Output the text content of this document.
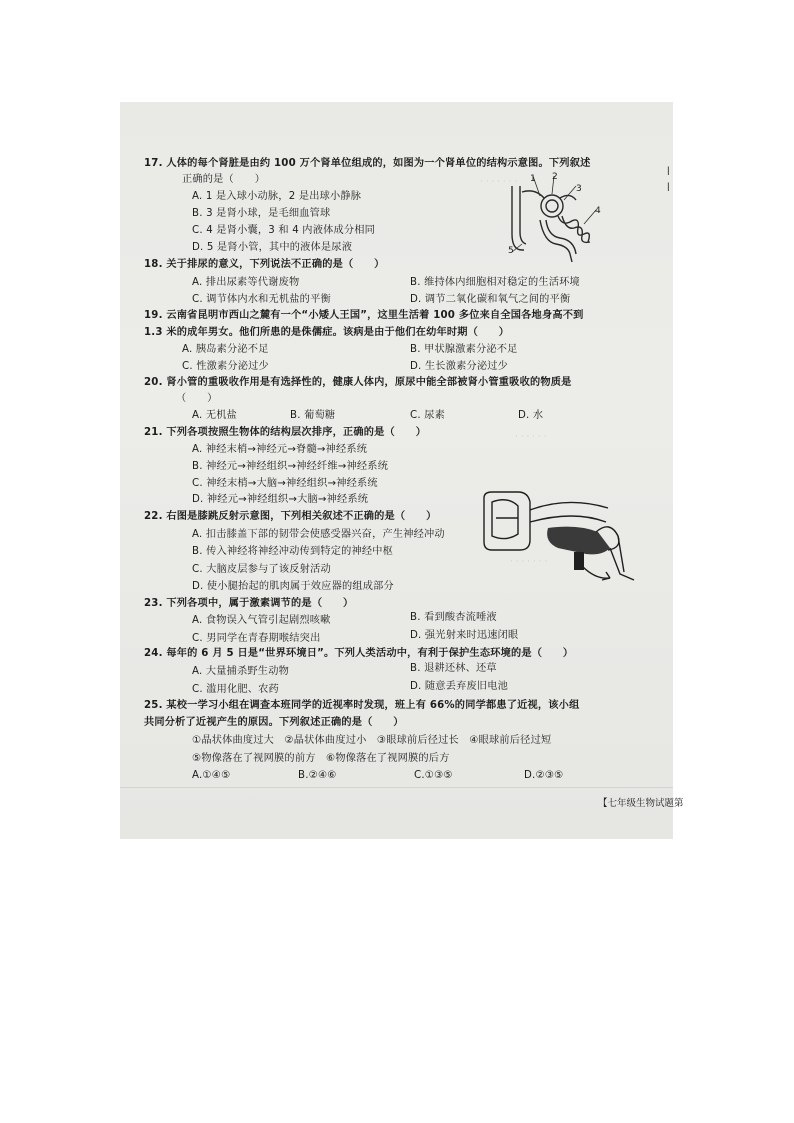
· · · · · · ·
· · · · · ·
· · · · · · ·
ǀ
ǀ
17. 人体的每个肾脏是由约 100 万个肾单位组成的，如图为一个肾单位的结构示意图。下列叙述
正确的是（　　）
A. 1 是入球小动脉，2 是出球小静脉
B. 3 是肾小球，是毛细血管球
C. 4 是肾小囊，3 和 4 内液体成分相同
D. 5 是肾小管，其中的液体是尿液
1 2
3
4
5
18. 关于排尿的意义，下列说法不正确的是（　　）
A. 排出尿素等代谢废物	B. 维持体内细胞相对稳定的生活环境
C. 调节体内水和无机盐的平衡	D. 调节二氧化碳和氧气之间的平衡
19. 云南省昆明市西山之麓有一个“小矮人王国”，这里生活着 100 多位来自全国各地身高不到
1.3 米的成年男女。他们所患的是侏儒症。该病是由于他们在幼年时期（　　）
A. 胰岛素分泌不足	B. 甲状腺激素分泌不足
C. 性激素分泌过少	D. 生长激素分泌过少
20. 肾小管的重吸收作用是有选择性的，健康人体内，原尿中能全部被肾小管重吸收的物质是
（　　）
A. 无机盐	B. 葡萄糖	C. 尿素	D. 水
21. 下列各项按照生物体的结构层次排序，正确的是（　　）
A. 神经末梢→神经元→脊髓→神经系统
B. 神经元→神经组织→神经纤维→神经系统
C. 神经末梢→大脑→神经组织→神经系统
D. 神经元→神经组织→大脑→神经系统
22. 右图是膝跳反射示意图，下列相关叙述不正确的是（　　）
A. 扣击膝盖下部的韧带会使感受器兴奋，产生神经冲动
B. 传入神经将神经冲动传到特定的神经中枢
C. 大脑皮层参与了该反射活动
D. 使小腿抬起的肌肉属于效应器的组成部分
23. 下列各项中，属于激素调节的是（　　）
A. 食物误入气管引起剧烈咳嗽	B. 看到酸杏流唾液
C. 男同学在青春期喉结突出	D. 强光射来时迅速闭眼
24. 每年的 6 月 5 日是“世界环境日”。下列人类活动中，有利于保护生态环境的是（　　）
A. 大量捕杀野生动物	B. 退耕还林、还草
C. 滥用化肥、农药	D. 随意丢弃废旧电池
25. 某校一学习小组在调查本班同学的近视率时发现，班上有 66%的同学都患了近视，该小组
共同分析了近视产生的原因。下列叙述正确的是（　　）
①晶状体曲度过大　②晶状体曲度过小　③眼球前后径过长　④眼球前后径过短
⑤物像落在了视网膜的前方　⑥物像落在了视网膜的后方
A.①④⑤	B.②④⑥	C.①③⑤	D.②③⑤
【七年级生物试题第
